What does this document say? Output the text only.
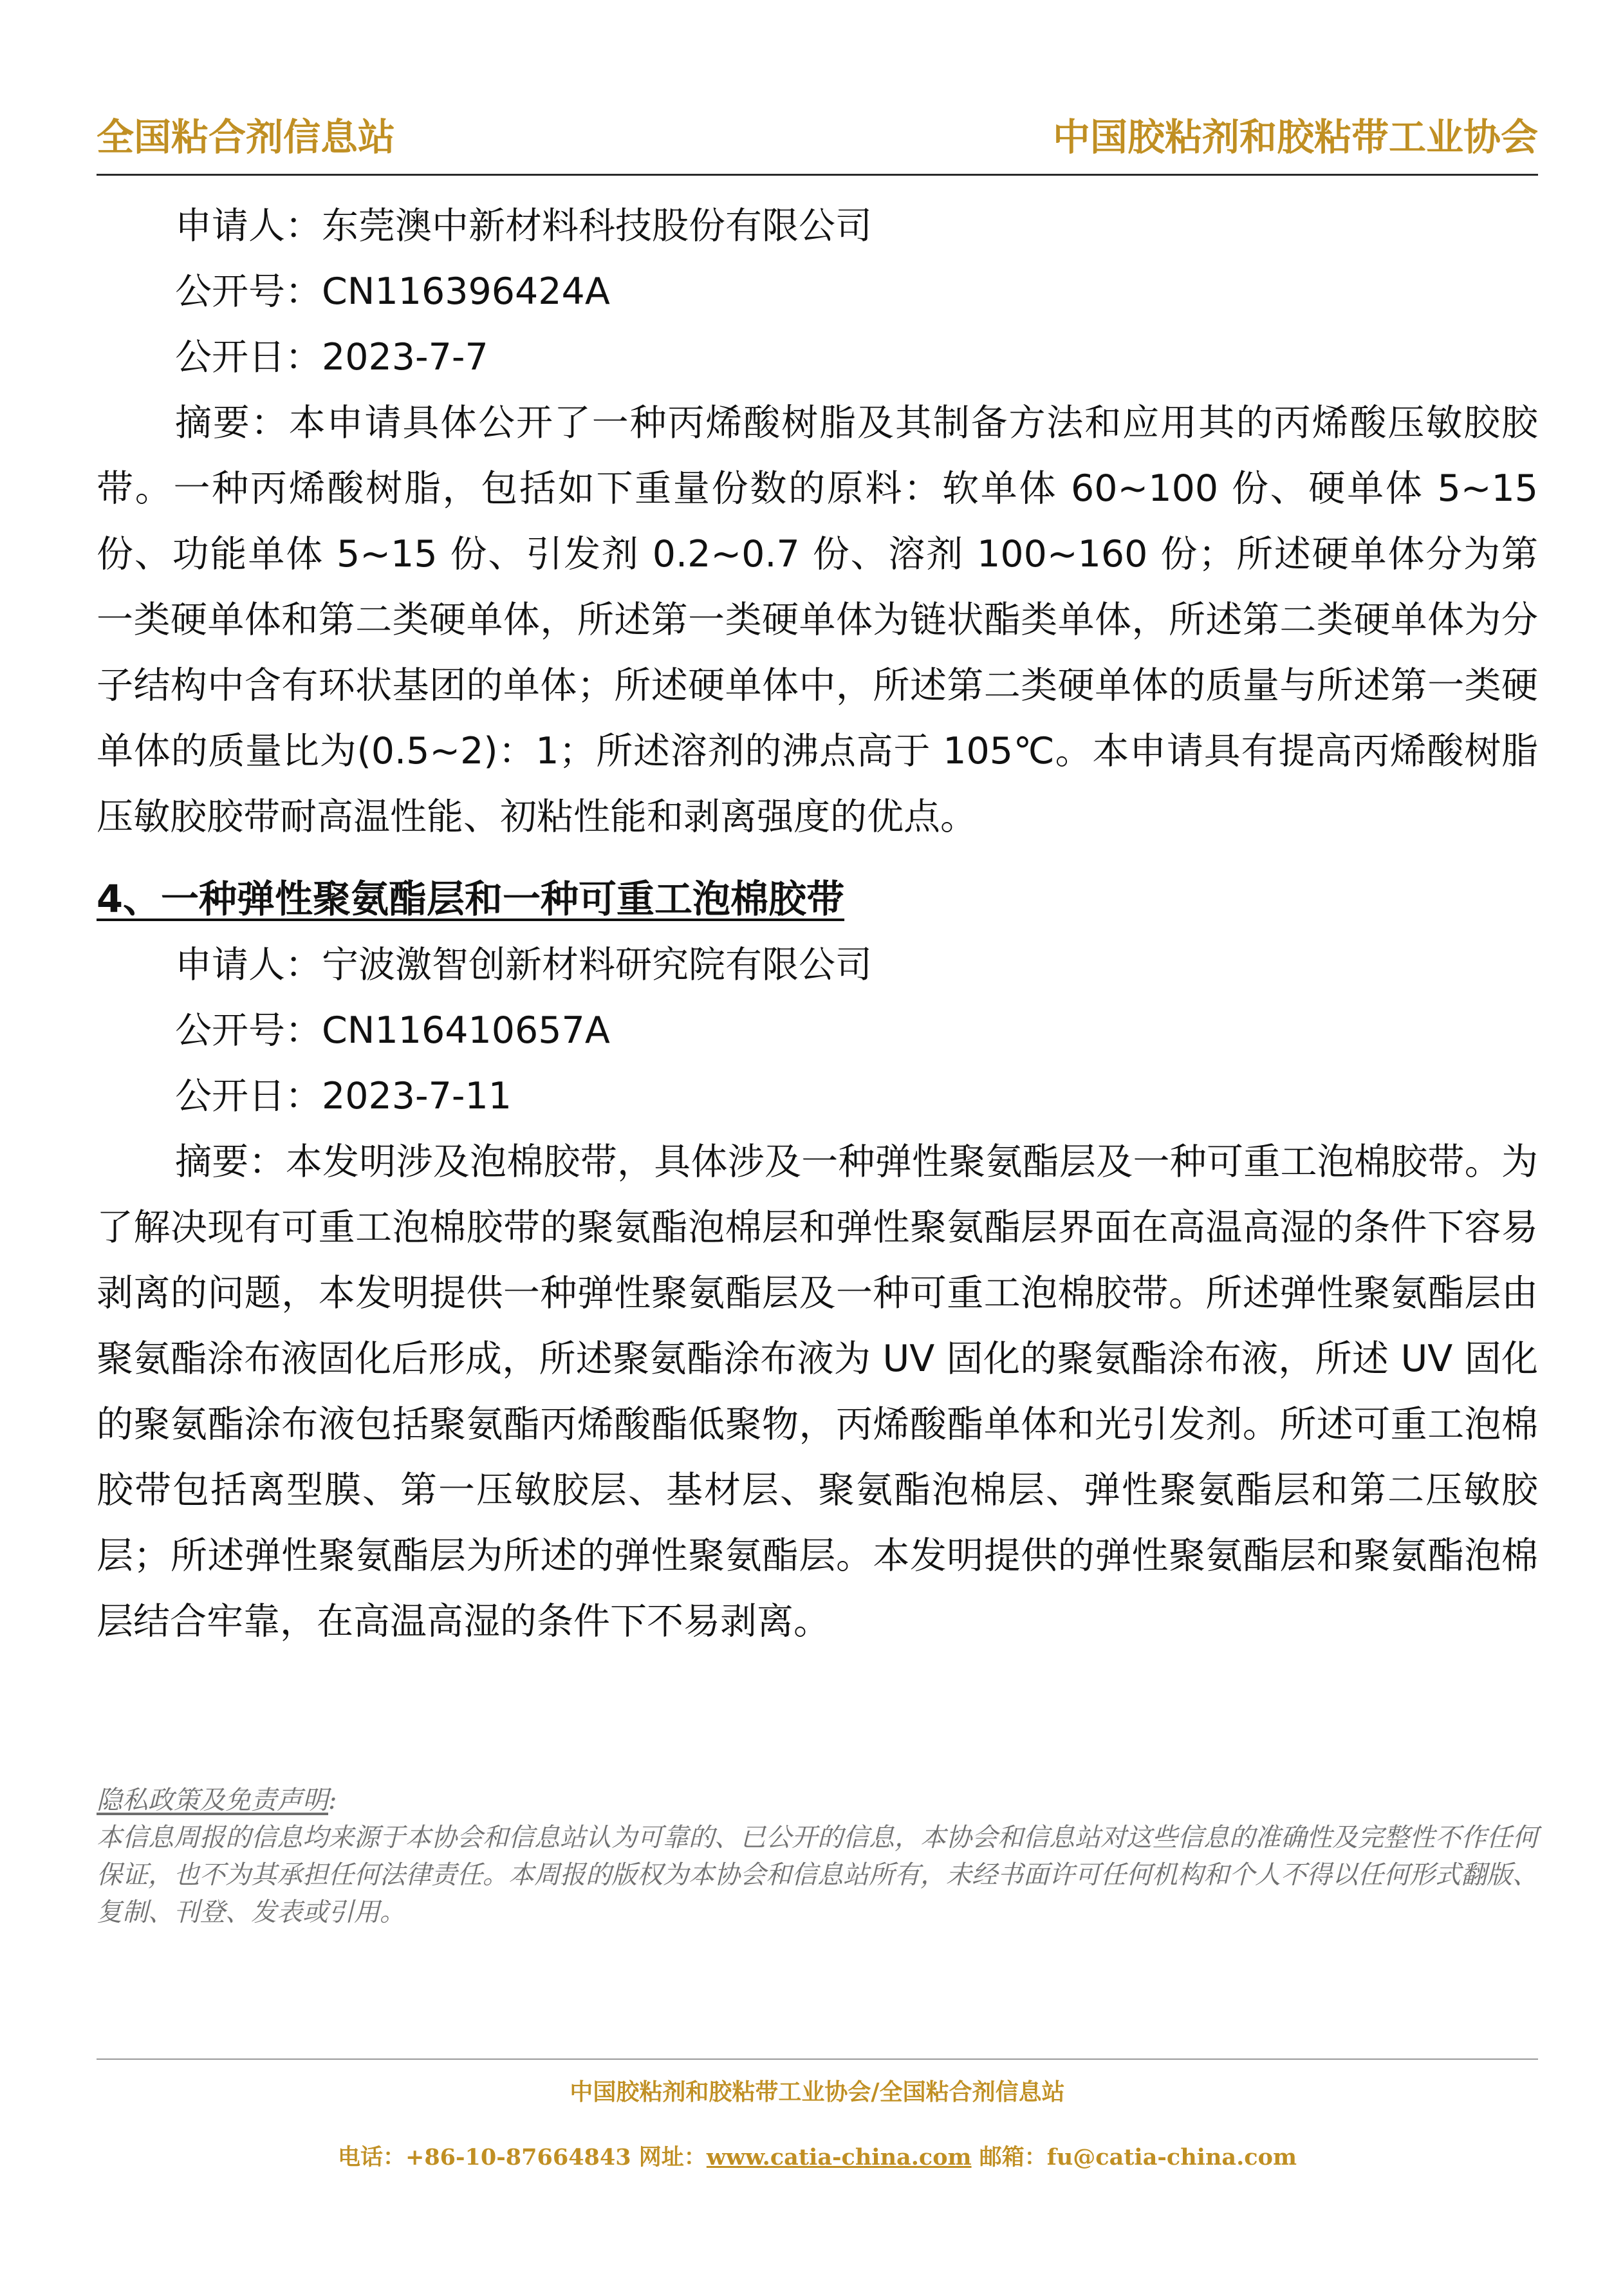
全国粘合剂信息站	中国胶粘剂和胶粘带工业协会
申请人：东莞澳中新材料科技股份有限公司
公开号：CN116396424A
公开日：2023-7-7

摘要：本申请具体公开了一种丙烯酸树脂及其制备方法和应用其的丙烯酸压敏胶胶带。一种丙烯酸树脂，包括如下重量份数的原料：软单体 60~100 份、硬单体 5~15 份、功能单体 5~15 份、引发剂 0.2~0.7 份、溶剂 100~160 份；所述硬单体分为第一类硬单体和第二类硬单体，所述第一类硬单体为链状酯类单体，所述第二类硬单体为分子结构中含有环状基团的单体；所述硬单体中，所述第二类硬单体的质量与所述第一类硬单体的质量比为(0.5~2)：1；所述溶剂的沸点高于 105℃。本申请具有提高丙烯酸树脂压敏胶胶带耐高温性能、初粘性能和剥离强度的优点。

4、一种弹性聚氨酯层和一种可重工泡棉胶带
申请人：宁波激智创新材料研究院有限公司
公开号：CN116410657A
公开日：2023-7-11

摘要：本发明涉及泡棉胶带，具体涉及一种弹性聚氨酯层及一种可重工泡棉胶带。为了解决现有可重工泡棉胶带的聚氨酯泡棉层和弹性聚氨酯层界面在高温高湿的条件下容易剥离的问题，本发明提供一种弹性聚氨酯层及一种可重工泡棉胶带。所述弹性聚氨酯层由聚氨酯涂布液固化后形成，所述聚氨酯涂布液为 UV 固化的聚氨酯涂布液，所述 UV 固化的聚氨酯涂布液包括聚氨酯丙烯酸酯低聚物，丙烯酸酯单体和光引发剂。所述可重工泡棉胶带包括离型膜、第一压敏胶层、基材层、聚氨酯泡棉层、弹性聚氨酯层和第二压敏胶层；所述弹性聚氨酯层为所述的弹性聚氨酯层。本发明提供的弹性聚氨酯层和聚氨酯泡棉层结合牢靠，在高温高湿的条件下不易剥离。

隐私政策及免责声明:

本信息周报的信息均来源于本协会和信息站认为可靠的、已公开的信息，本协会和信息站对这些信息的准确性及完整性不作任何保证，也不为其承担任何法律责任。本周报的版权为本协会和信息站所有，未经书面许可任何机构和个人不得以任何形式翻版、复制、刊登、发表或引用。

中国胶粘剂和胶粘带工业协会/全国粘合剂信息站
电话：+86-10-87664843 网址：www.catia-china.com 邮箱：fu@catia-china.com
